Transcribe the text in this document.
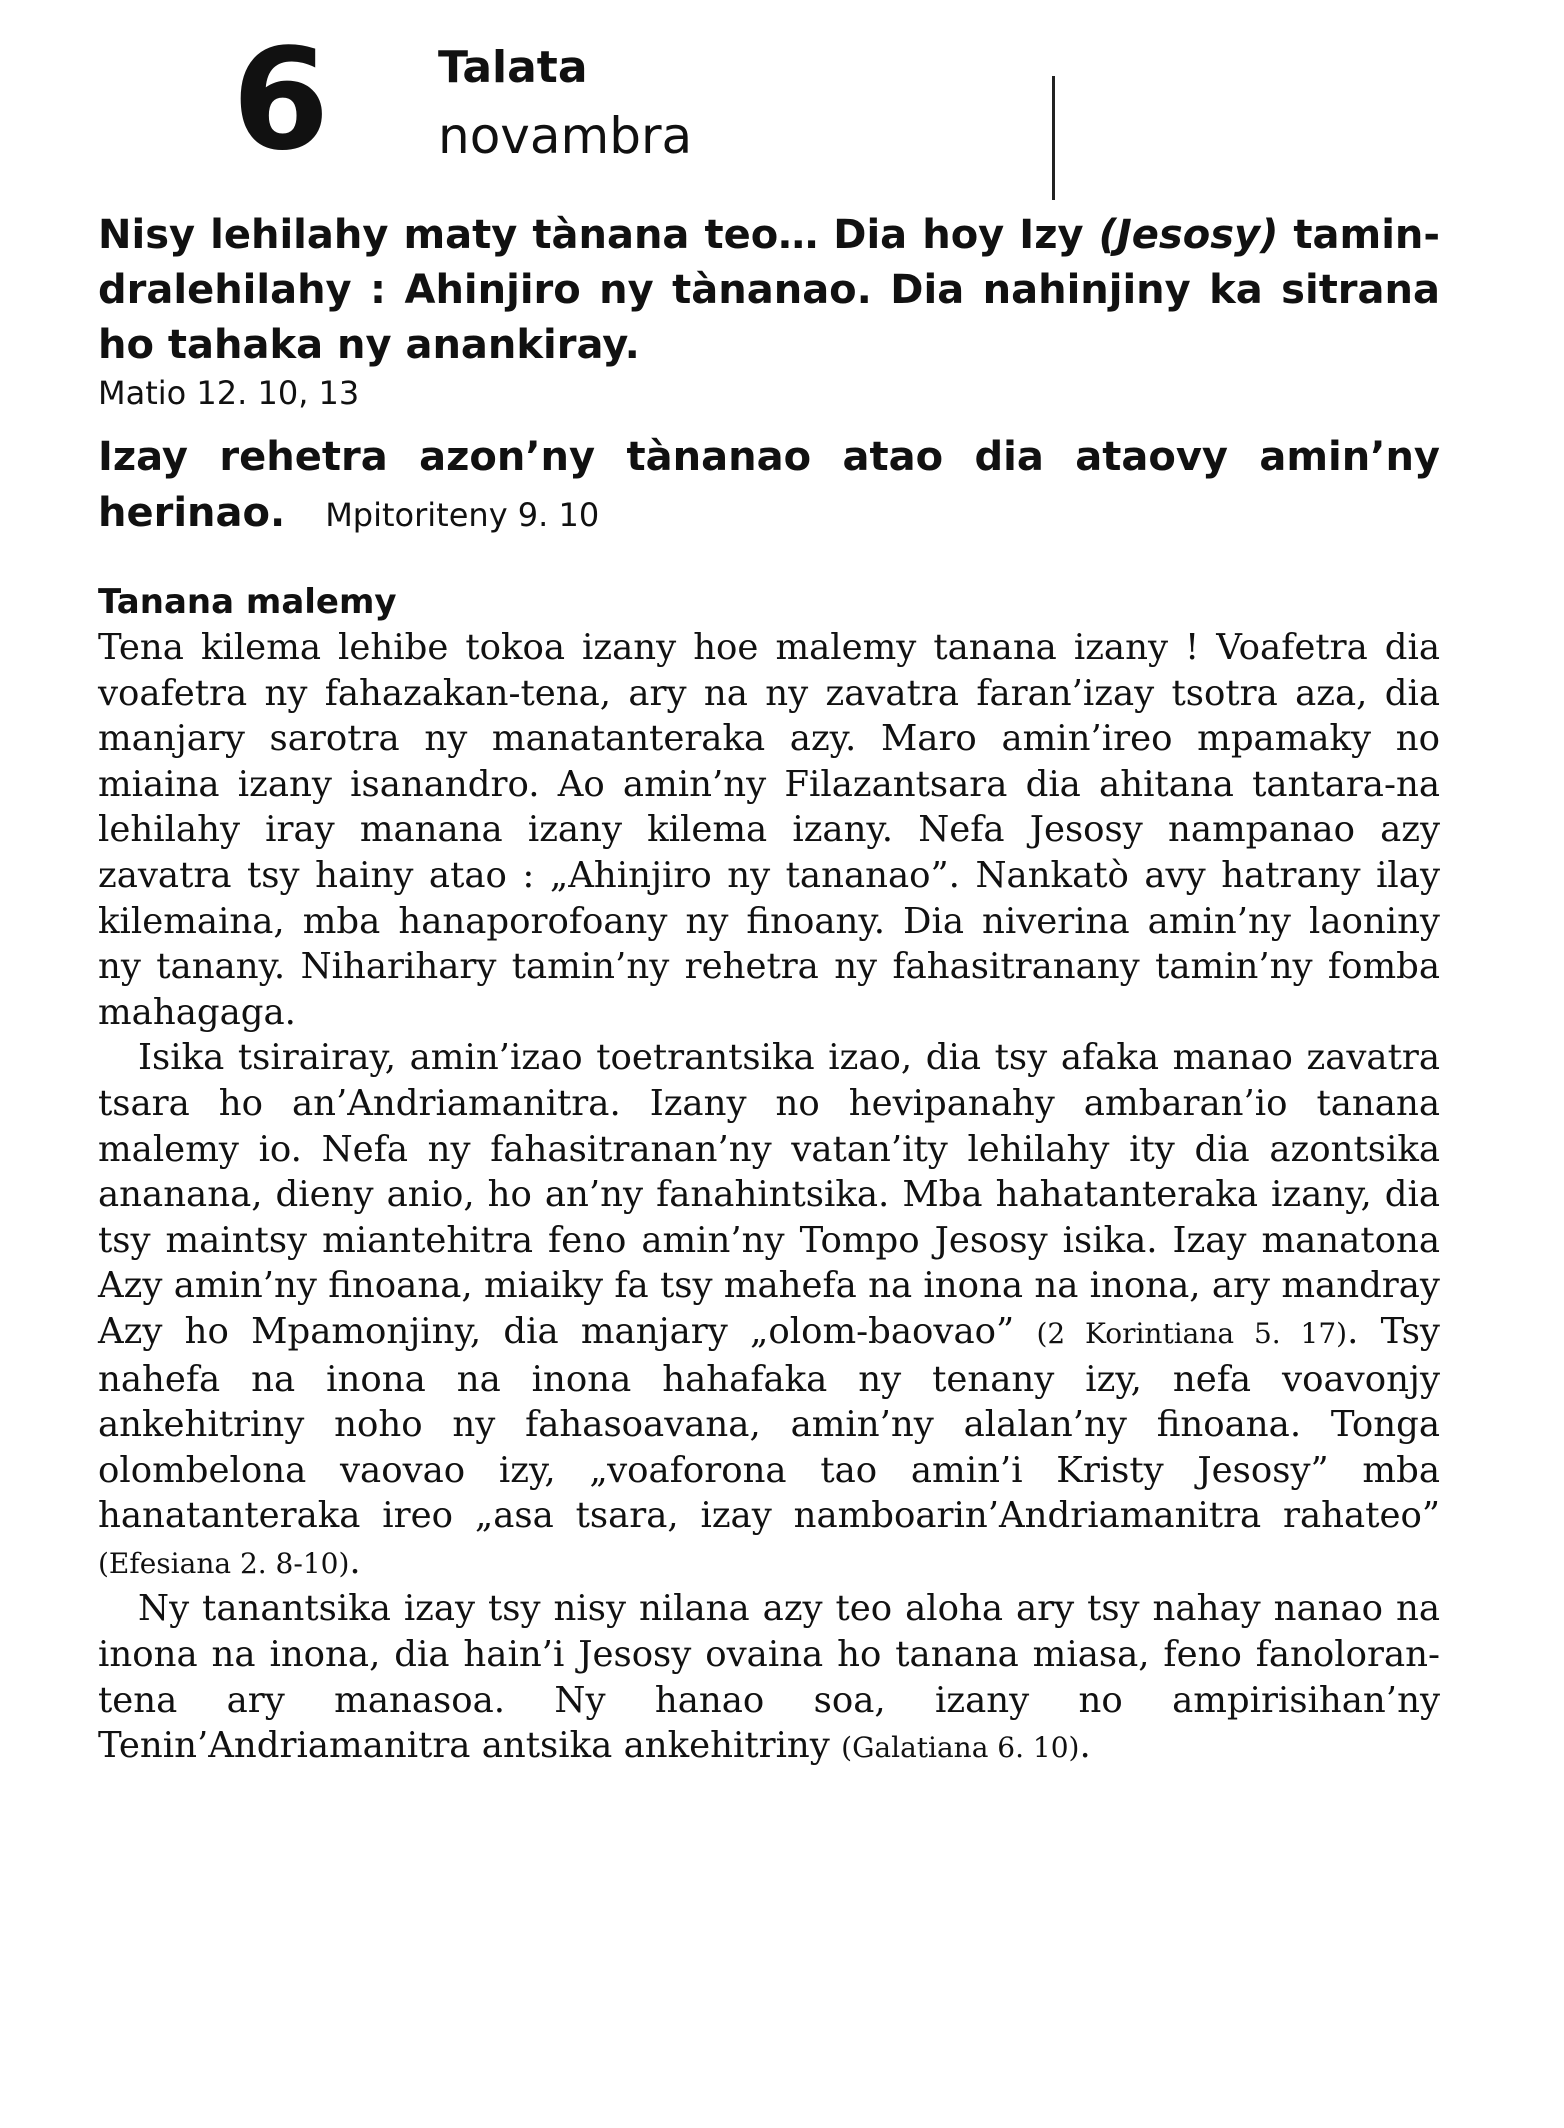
6	Talata
novambra

Nisy lehilahy maty tànana teo… Dia hoy Izy (Jesosy) tamin-dralehilahy : Ahinjiro ny tànanao. Dia nahinjiny ka sitrana ho tahaka ny anankiray.

Matio 12. 10, 13

Izay rehetra azon’ny tànanao atao dia ataovy amin’ny herinao. Mpitoriteny 9. 10
Tanana malemy

Tena kilema lehibe tokoa izany hoe malemy tanana izany ! Voafetra dia voafetra ny fahazakan-tena, ary na ny zavatra faran’izay tsotra aza, dia manjary sarotra ny manatanteraka azy. Maro amin’ireo mpamaky no miaina izany isanandro. Ao amin’ny Filazantsara dia ahitana tantara-na lehilahy iray manana izany kilema izany. Nefa Jesosy nampanao azy zavatra tsy hainy atao : „Ahinjiro ny tananao”. Nankatò avy hatrany ilay kilemaina, mba hanaporofoany ny finoany. Dia niverina amin’ny laoniny ny tanany. Niharihary tamin’ny rehetra ny fahasitranany tamin’ny fomba mahagaga.

Isika tsirairay, amin’izao toetrantsika izao, dia tsy afaka manao zavatra tsara ho an’Andriamanitra. Izany no hevipanahy ambaran’io tanana malemy io. Nefa ny fahasitranan’ny vatan’ity lehilahy ity dia azontsika ananana, dieny anio, ho an’ny fanahintsika. Mba hahatanteraka izany, dia tsy maintsy miantehitra feno amin’ny Tompo Jesosy isika. Izay manatona Azy amin’ny finoana, miaiky fa tsy mahefa na inona na inona, ary mandray Azy ho Mpamonjiny, dia manjary „olom-baovao” (2 Korintiana 5. 17). Tsy nahefa na inona na inona hahafaka ny tenany izy, nefa voavonjy ankehitriny noho ny fahasoavana, amin’ny alalan’ny finoana. Tonga olombelona vaovao izy, „voaforona tao amin’i Kristy Jesosy” mba hanatanteraka ireo „asa tsara, izay namboarin’Andriamanitra rahateo” (Efesiana 2. 8-10).

Ny tanantsika izay tsy nisy nilana azy teo aloha ary tsy nahay nanao na inona na inona, dia hain’i Jesosy ovaina ho tanana miasa, feno fanoloran-tena ary manasoa. Ny hanao soa, izany no ampirisihan’ny Tenin’Andriamanitra antsika ankehitriny (Galatiana 6. 10).
